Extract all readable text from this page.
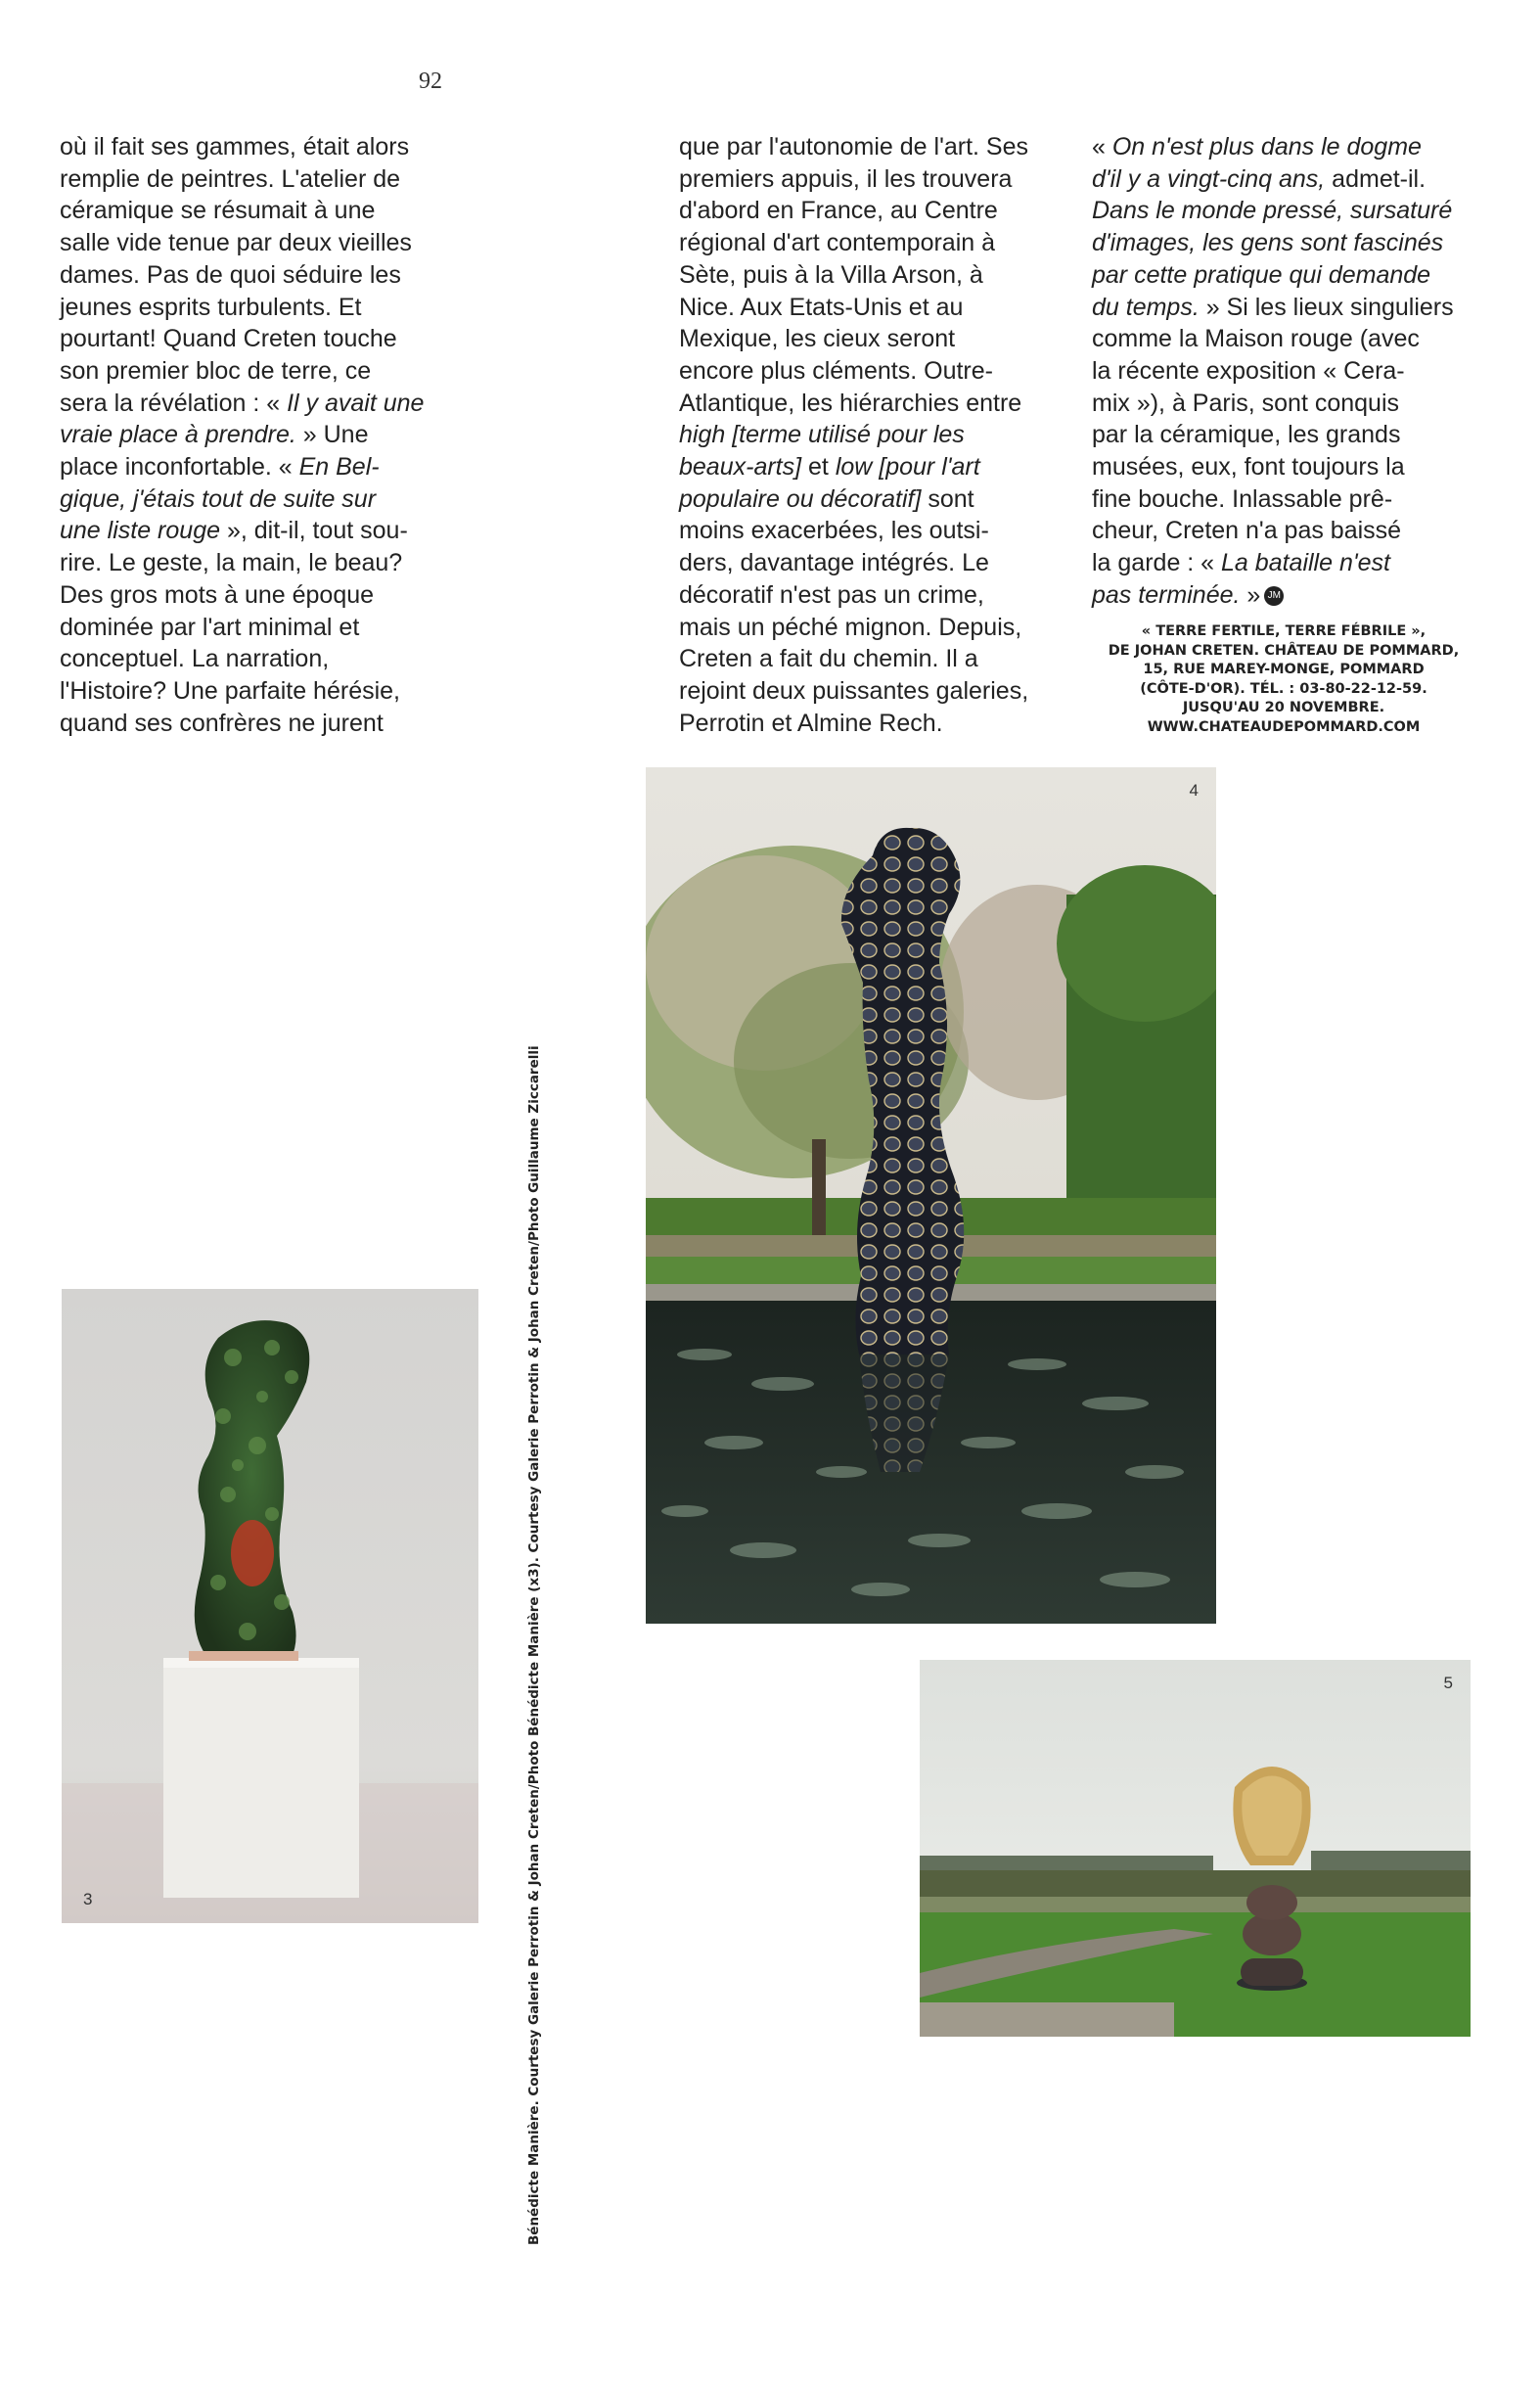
92
où il fait ses gammes, était alors
remplie de peintres. L'atelier de
céramique se résumait à une
salle vide tenue par deux vieilles
dames. Pas de quoi séduire les
jeunes esprits turbulents. Et
pourtant! Quand Creten touche
son premier bloc de terre, ce
sera la révélation : « Il y avait une
vraie place à prendre. » Une
place inconfortable. « En Bel-
gique, j'étais tout de suite sur
une liste rouge », dit-il, tout sou-
rire. Le geste, la main, le beau?
Des gros mots à une époque
dominée par l'art minimal et
conceptuel. La narration,
l'Histoire? Une parfaite hérésie,
quand ses confrères ne jurent
que par l'autonomie de l'art. Ses
premiers appuis, il les trouvera
d'abord en France, au Centre
régional d'art contemporain à
Sète, puis à la Villa Arson, à
Nice. Aux Etats-Unis et au
Mexique, les cieux seront
encore plus cléments. Outre-
Atlantique, les hiérarchies entre
high [terme utilisé pour les
beaux-arts] et low [pour l'art
populaire ou décoratif] sont
moins exacerbées, les outsi-
ders, davantage intégrés. Le
décoratif n'est pas un crime,
mais un péché mignon. Depuis,
Creten a fait du chemin. Il a
rejoint deux puissantes galeries,
Perrotin et Almine Rech.
« On n'est plus dans le dogme
d'il y a vingt-cinq ans, admet-il.
Dans le monde pressé, sursaturé
d'images, les gens sont fascinés
par cette pratique qui demande
du temps. » Si les lieux singuliers
comme la Maison rouge (avec
la récente exposition « Cera-
mix »), à Paris, sont conquis
par la céramique, les grands
musées, eux, font toujours la
fine bouche. Inlassable prê-
cheur, Creten n'a pas baissé
la garde : « La bataille n'est
pas terminée. » JM
« TERRE FERTILE, TERRE FÉBRILE »,
DE JOHAN CRETEN. CHÂTEAU DE POMMARD,
15, RUE MAREY-MONGE, POMMARD
(CÔTE-D'OR). TÉL. : 03-80-22-12-59.
JUSQU'AU 20 NOVEMBRE.
WWW.CHATEAUDEPOMMARD.COM
Bénédicte Manière. Courtesy Galerie Perrotin & Johan Creten/Photo Bénédicte Manière (x3). Courtesy Galerie Perrotin & Johan Creten/Photo Guillaume Ziccarelli
3
4
5
